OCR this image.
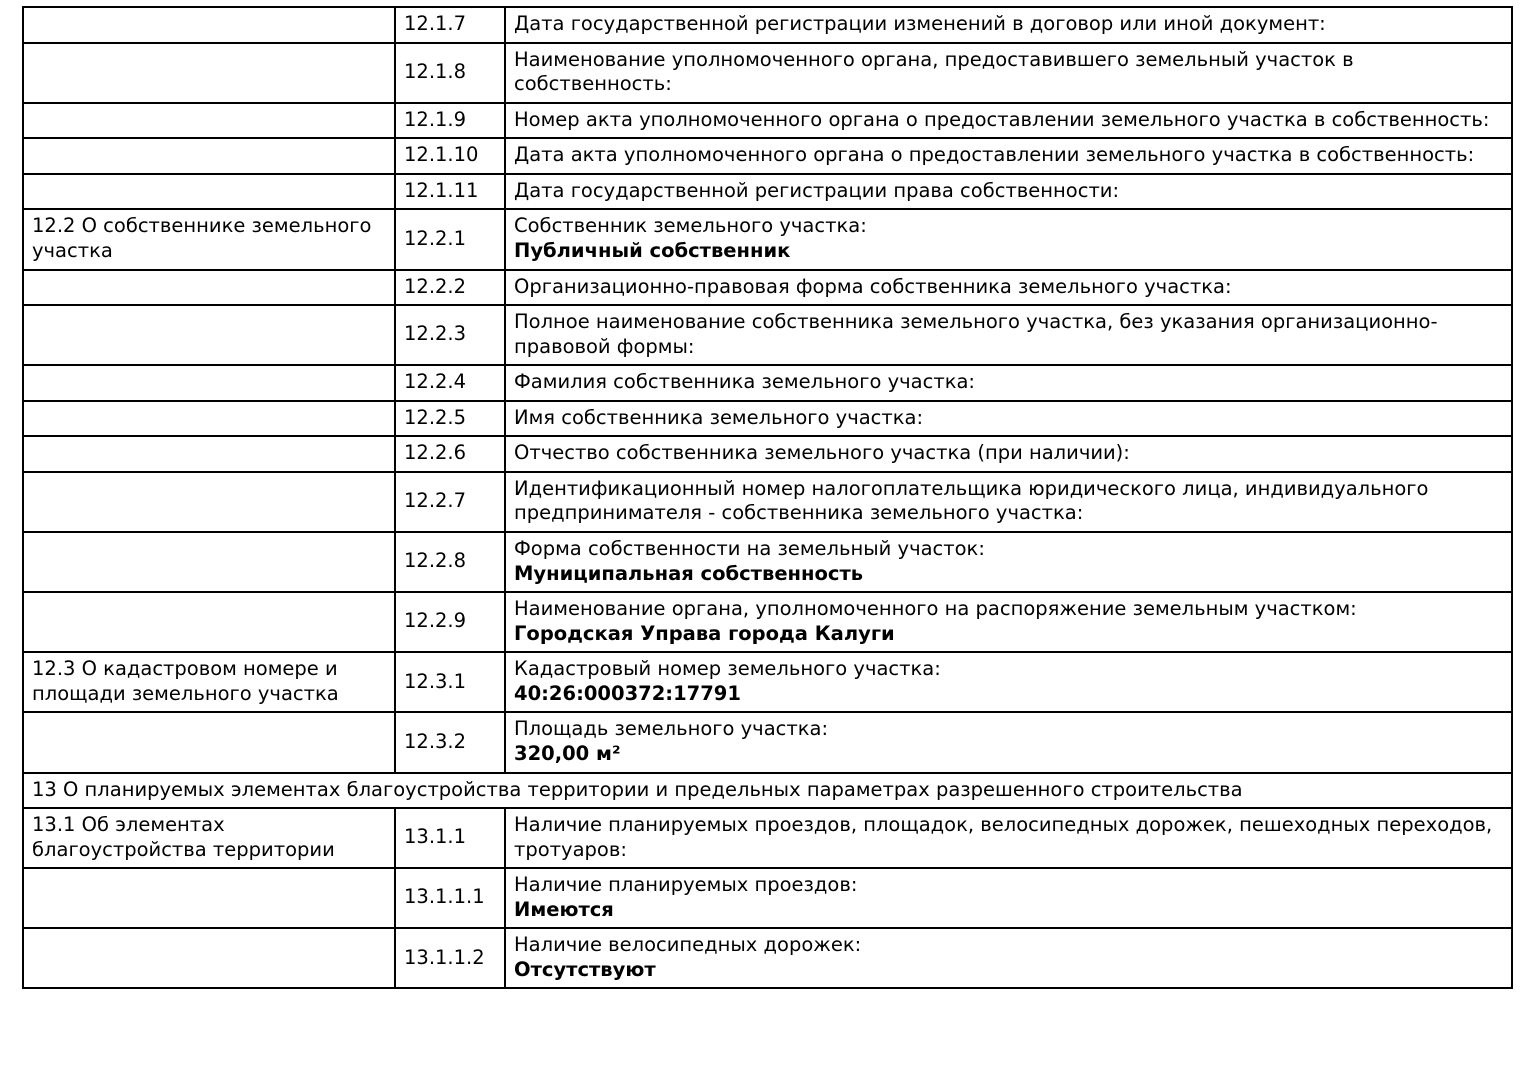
	12.1.7	Дата государственной регистрации изменений в договор или иной документ:

	12.1.8	Наименование уполномоченного органа, предоставившего земельный участок в собственность:

	12.1.9	Номер акта уполномоченного органа о предоставлении земельного участка в собственность:

	12.1.10	Дата акта уполномоченного органа о предоставлении земельного участка в собственность:

	12.1.11	Дата государственной регистрации права собственности:

12.2 О собственнике земельного участка	12.2.1	Собственник земельного участка:
Публичный собственник

	12.2.2	Организационно-правовая форма собственника земельного участка:

	12.2.3	Полное наименование собственника земельного участка, без указания организационно-правовой формы:

	12.2.4	Фамилия собственника земельного участка:

	12.2.5	Имя собственника земельного участка:

	12.2.6	Отчество собственника земельного участка (при наличии):

	12.2.7	Идентификационный номер налогоплательщика юридического лица, индивидуального предпринимателя - собственника земельного участка:

	12.2.8	Форма собственности на земельный участок:
Муниципальная собственность

	12.2.9	Наименование органа, уполномоченного на распоряжение земельным участком:
Городская Управа города Калуги

12.3 О кадастровом номере и площади земельного участка	12.3.1	Кадастровый номер земельного участка:
40:26:000372:17791

	12.3.2	Площадь земельного участка:
320,00 м²

13 О планируемых элементах благоустройства территории и предельных параметрах разрешенного строительства		

13.1 Об элементах благоустройства территории	13.1.1	Наличие планируемых проездов, площадок, велосипедных дорожек, пешеходных переходов, тротуаров:

	13.1.1.1	Наличие планируемых проездов:
Имеются

	13.1.1.2	Наличие велосипедных дорожек:
Отсутствуют
